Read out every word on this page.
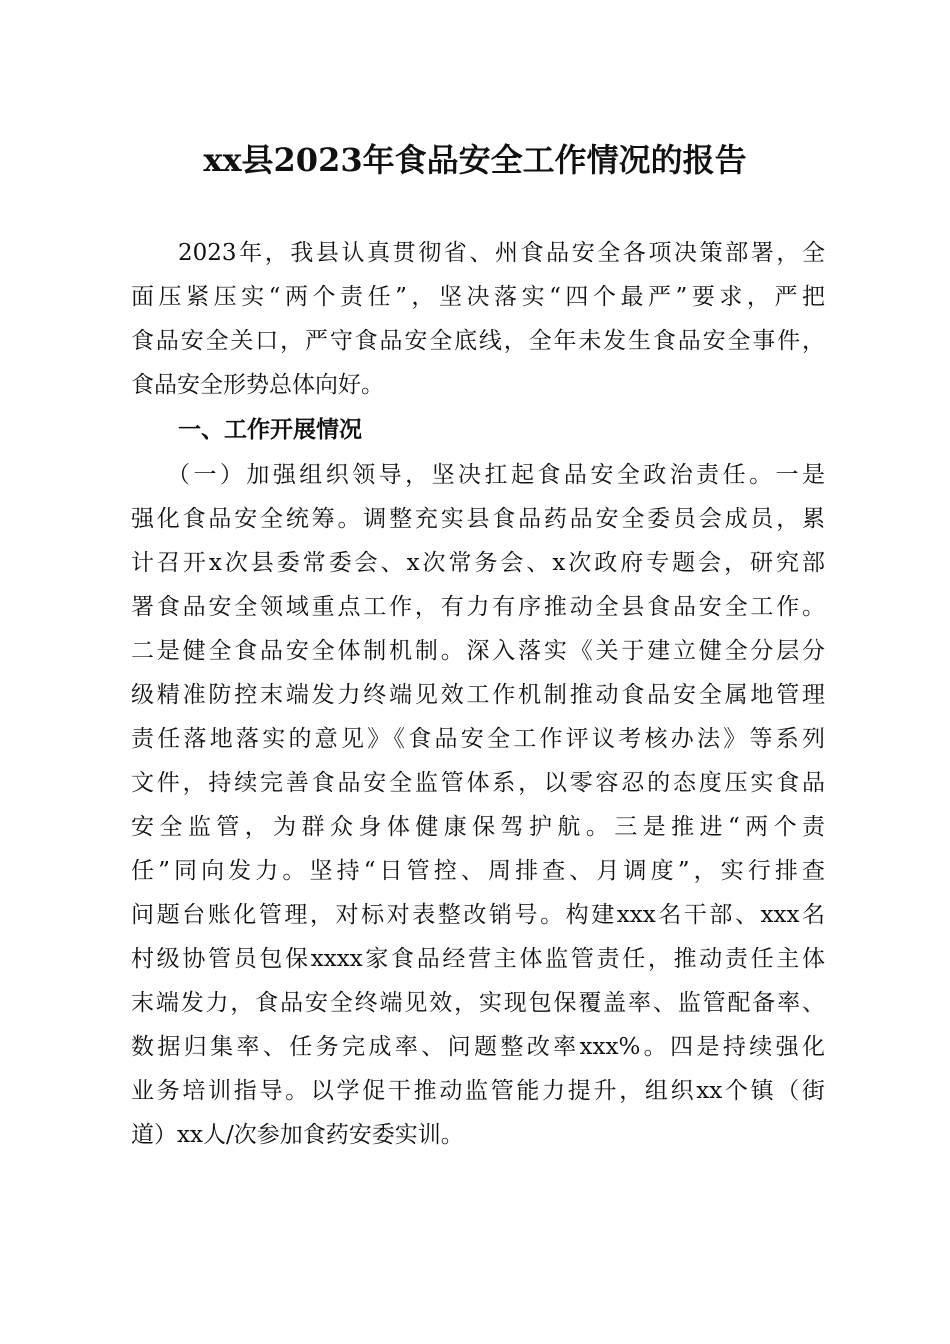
xx县2023年食品安全工作情况的报告
2023年，我县认真贯彻省、州食品安全各项决策部署，全
面压紧压实“两个责任”，坚决落实“四个最严”要求，严把
食品安全关口，严守食品安全底线，全年未发生食品安全事件，
食品安全形势总体向好。
一、工作开展情况
（一）加强组织领导，坚决扛起食品安全政治责任。一是
强化食品安全统筹。调整充实县食品药品安全委员会成员，累
计召开x次县委常委会、x次常务会、x次政府专题会，研究部
署食品安全领域重点工作，有力有序推动全县食品安全工作。
二是健全食品安全体制机制。深入落实《关于建立健全分层分
级精准防控末端发力终端见效工作机制推动食品安全属地管理
责任落地落实的意见》《食品安全工作评议考核办法》等系列
文件，持续完善食品安全监管体系，以零容忍的态度压实食品
安全监管，为群众身体健康保驾护航。三是推进“两个责
任”同向发力。坚持“日管控、周排查、月调度”，实行排查
问题台账化管理，对标对表整改销号。构建xxx名干部、xxx名
村级协管员包保xxxx家食品经营主体监管责任，推动责任主体
末端发力，食品安全终端见效，实现包保覆盖率、监管配备率、
数据归集率、任务完成率、问题整改率xxx%。四是持续强化
业务培训指导。以学促干推动监管能力提升，组织xx个镇（街
道）xx人/次参加食药安委实训。
